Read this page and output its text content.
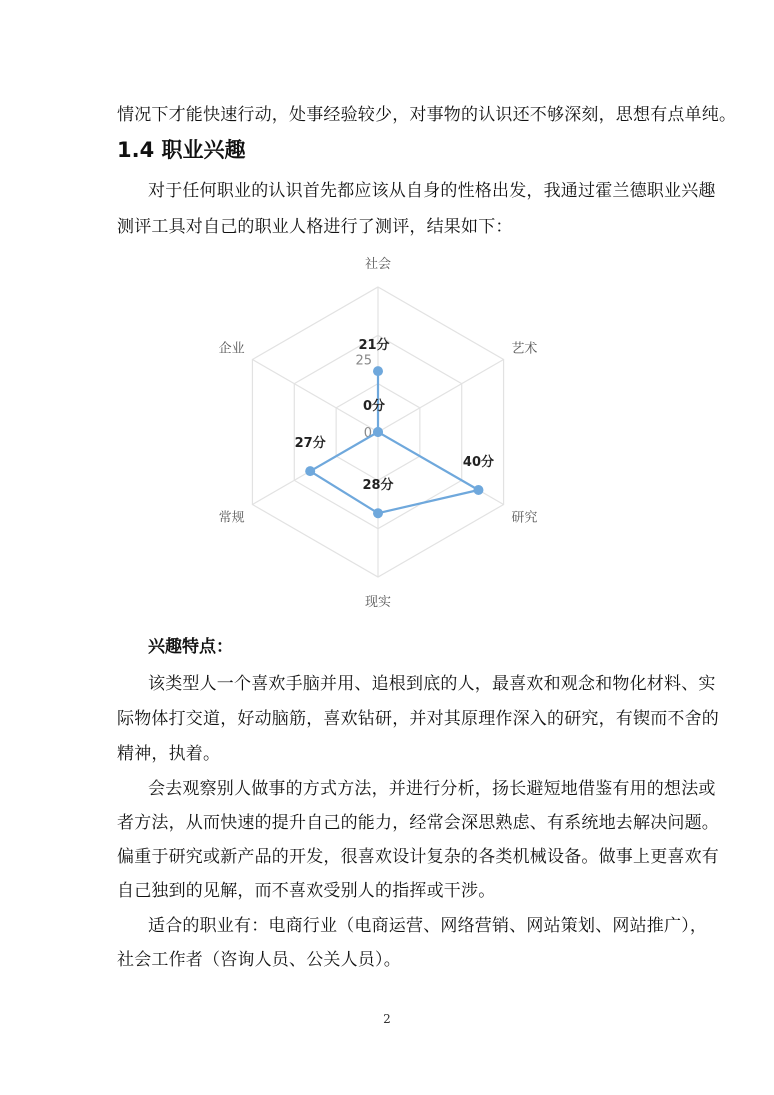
情况下才能快速行动，处事经验较少，对事物的认识还不够深刻，思想有点单纯。
1.4 职业兴趣
对于任何职业的认识首先都应该从自身的性格出发，我通过霍兰德职业兴趣
测评工具对自己的职业人格进行了测评，结果如下：
社会
艺术
研究
现实
常规
企业
0
25
21分
0分
40分
28分
27分
兴趣特点：
该类型人一个喜欢手脑并用、追根到底的人，最喜欢和观念和物化材料、实
际物体打交道，好动脑筋，喜欢钻研，并对其原理作深入的研究，有锲而不舍的
精神，执着。
会去观察别人做事的方式方法，并进行分析，扬长避短地借鉴有用的想法或
者方法，从而快速的提升自己的能力，经常会深思熟虑、有系统地去解决问题。
偏重于研究或新产品的开发，很喜欢设计复杂的各类机械设备。做事上更喜欢有
自己独到的见解，而不喜欢受别人的指挥或干涉。
适合的职业有：电商行业（电商运营、网络营销、网站策划、网站推广），
社会工作者（咨询人员、公关人员）。
2
